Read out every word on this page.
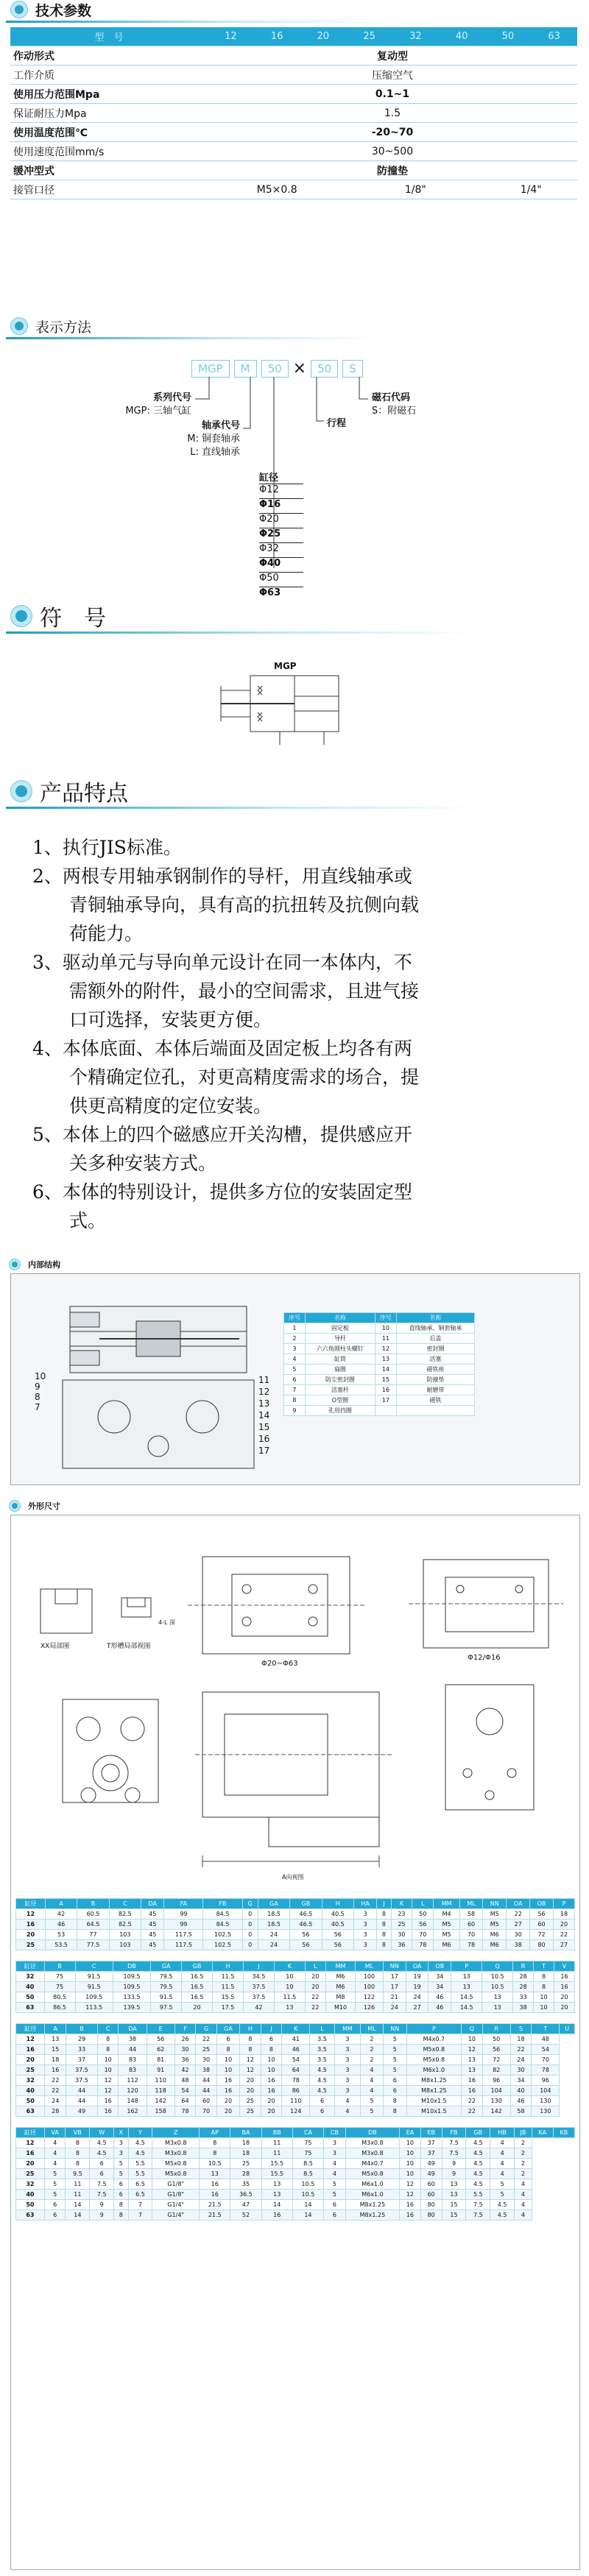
技术参数
型　号	12	16	20	25	32	40	50	63
作动形式	复动型							
工作介质	压缩空气							
使用压力范围Mpa	0.1~1							
保证耐压力Mpa	1.5							
使用温度范围℃	-20~70							
使用速度范围mm/s	30~500							
缓冲型式	防撞垫							
接管口径	M5×0.8			1/8"			1/4"	
表示方法
MGP	M	50 ×	50	S
系列代号
MGP: 三轴气缸
磁石代码
S：附磁石
轴承代号
M: 铜套轴承
L: 直线轴承
行程
缸径
Φ12
Φ16
Φ20
Φ25
Φ32
Φ40
Φ50
Φ63
符　号
MGP
产品特点
1、执行JIS标准。
2、两根专用轴承钢制作的导杆，用直线轴承或
　　青铜轴承导向，具有高的抗扭转及抗侧向载
　　荷能力。
3、驱动单元与导向单元设计在同一本体内，不
　　需额外的附件，最小的空间需求，且进气接
　　口可选择，安装更方便。
4、本体底面、本体后端面及固定板上均各有两
　　个精确定位孔，对更高精度需求的场合，提
　　供更高精度的定位安装。
5、本体上的四个磁感应开关沟槽，提供感应开
　　关多种安装方式。
6、本体的特别设计，提供多方位的安装固定型
　　式。
内部结构
10
9
8
7
11
12
13
14
15
16
17
序号	名称	序号	名称
1	固定板	10	直线轴承、铜套轴承
2	导杆	11	后盖
3	六六角圆柱头螺钉	12	密封圈
4	缸筒	13	活塞
5	扁圈	14	磁铁座
6	防尘密封圈	15	防撞垫
7	活塞杆	16	耐磨带
8	O型圈	17	磁铁
9	孔用挡圈		
外形尺寸
XX局部图	T形槽局部视图
Φ20~Φ63
Φ12/Φ16
4-L 深
A向视图
缸径	A	B	C	DA	FA	FB	G	GA	GB	H	HA	J	K	L	MM	ML	NN	OA	OB	P
12	42	60.5	82.5	45	99	84.5	0	18.5	46.5	40.5	3	8	23	50	M4	58	M5	22	56	18
16	46	64.5	82.5	45	99	84.5	0	18.5	46.5	40.5	3	8	25	56	M5	60	M5	27	60	20
20	53	77	103	45	117.5	102.5	0	24	56	56	3	8	30	70	M5	70	M6	30	72	22
25	53.5	77.5	103	45	117.5	102.5	0	24	56	56	3	8	36	78	M6	78	M6	38	80	27
缸径	B	C	DB	GA	GB	H	J	K	L	MM	ML	NN	OA	OB	P	Q	R	T	V
32	75	91.5	109.5	79.5	16.5	11.5	34.5	10	20	M6	100	17	19	34	13	10.5	28	8	16
40	75	91.5	109.5	79.5	16.5	11.5	37.5	10	20	M6	100	17	19	34	13	10.5	28	8	16
50	80.5	109.5	133.5	91.5	16.5	15.5	37.5	11.5	22	M8	122	21	24	46	14.5	13	33	10	20
63	86.5	113.5	139.5	97.5	20	17.5	42	13	22	M10	126	24	27	46	14.5	13	38	10	20
缸径	A	B	C	DA	E	F	G	GA	H	J	K	L	MM	ML	NN	P	Q	R	S	T	U
12	13	29	8	38	56	26	22	6	8	6	41	3.5	3	2	5	M4x0.7	10	50	18	48	
16	15	33	8	44	62	30	25	8	8	8	46	3.5	3	2	5	M5x0.8	12	56	22	54	
20	18	37	10	83	81	36	30	10	12	10	54	3.5	3	2	5	M5x0.8	13	72	24	70	
25	16	37.5	10	83	91	42	38	10	12	10	64	4.5	3	4	5	M6x1.0	13	82	30	78	
32	22	37.5	12	112	110	48	44	16	20	16	78	4.5	3	4	6	M8x1.25	16	96	34	96	
40	22	44	12	120	118	54	44	16	20	16	86	4.5	3	4	6	M8x1.25	16	104	40	104	
50	24	44	16	148	142	64	60	20	25	20	110	6	4	5	8	M10x1.5	22	130	46	130	
63	28	49	16	162	158	78	70	20	25	20	124	6	4	5	8	M10x1.5	22	142	58	130	
缸径	VA	VB	W	X	Y	Z	AP	BA	BB	CA	CB	DB	EA	EB	FB	GB	HB	JB	KA	KB
12	4	8	4.5	3	4.5	M3x0.8	8	18	11	75	3	M3x0.8	10	37	7.5	4.5	4	2		
16	4	8	4.5	3	4.5	M3x0.8	8	18	11	75	3	M3x0.8	10	37	7.5	4.5	4	2		
20	4	8	6	5	5.5	M5x0.8	10.5	25	15.5	8.5	4	M4x0.7	10	49	9	4.5	4	2		
25	5	9.5	6	5	5.5	M5x0.8	13	28	15.5	8.5	4	M5x0.8	10	49	9	4.5	4	2		
32	5	11	7.5	6	6.5	G1/8"	16	35	13	10.5	5	M6x1.0	12	60	13	4.5	5	4		
40	5	11	7.5	6	6.5	G1/8"	16	36.5	13	10.5	5	M6x1.0	12	60	13	5.5	5	4		
50	6	14	9	8	7	G1/4"	21.5	47	14	14	6	M8x1.25	16	80	15	7.5	4.5	4		
63	6	14	9	8	7	G1/4"	21.5	52	16	14	6	M8x1.25	16	80	15	7.5	4.5	4		
